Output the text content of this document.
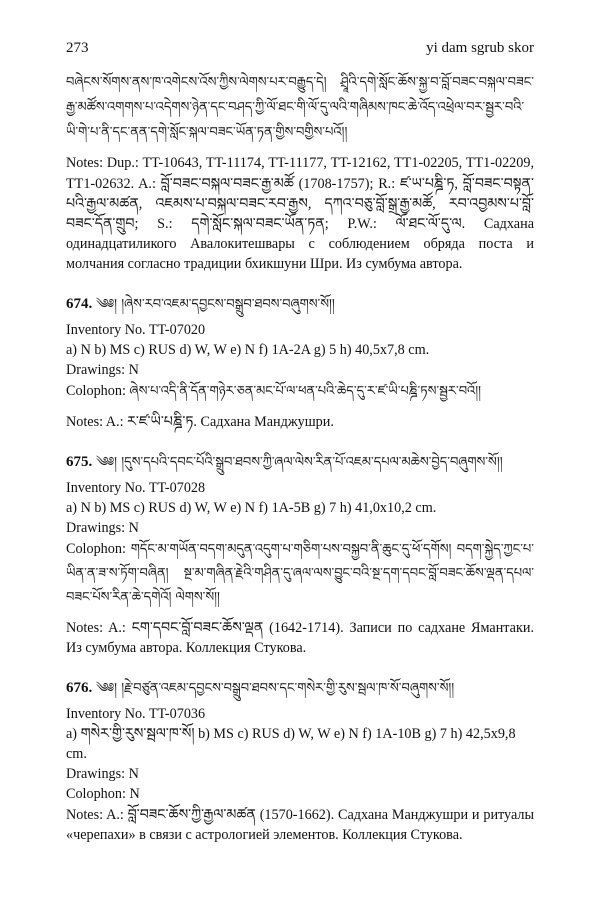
273	yi dam sgrub skor

བཞེངས་སོགས་ནས་ཁ་འགེངས་འོས་ཀྱིས་ལེགས་པར་བརྒྱུད་དེ། ཤྲཱིའི་དགེ་སློང་ཆོས་སྐྱ་བ་བློ་བཟང་བསྐལ་བཟང་རྒྱ་མཚོས་འགགས་པ་འདེགས་ཉེན་དང་བཤད་ཀྱི་ལོ་ཐང་གི་ལོ་དུ་ལའི་གཞིམས་ཁང་ཆེ་འོད་འཕྲེལ་བར་སྦྱར་བའི་ཡི་གེ་པ་ནི་དང་ནན་དགེ་སློང་སྐལ་བཟང་ཡོན་ཏན་གྱིས་བགྱིས་པའོ།།

Notes: Dup.: TT-10643, TT-11174, TT-11177, TT-12162, TT1-02205, TT1-02209, TT1-02632. A.: བློ་བཟང་བསྐལ་བཟང་རྒྱ་མཚོ (1708-1757); R.: ཛ་ཡ་པཎྜི་ཏ, བློ་བཟང་བསྟན་པའི་རྒྱལ་མཚན, འཇམས་པ་བསྐལ་བཟང་རབ་རྒྱས, དཀའ་བཅུ་བློ་སྒྲ་རྒྱ་མཚོ, རབ་འབྱམས་པ་བློ་བཟང་དོན་གྲུབ; S.: དགེ་སློང་སྐལ་བཟང་ཡོན་ཏན; P.W.: ལོ་ཐང་ལོ་དུ་ལ. Садхана одинадцатиликого Авалокитешвары с соблюдением обряда поста и молчания согласно традиции бхикшуни Шри. Из сумбума автора.

674. ༄༅། །ཞེས་རབ་འཇམ་དབྱངས་བསྒྲུབ་ཐབས་བཞུགས་སོ།།

Inventory No. TT-07020

a) N b) MS c) RUS d) W, W e) N f) 1A-2A g) 5 h) 40,5x7,8 cm.

Drawings: N

Colophon: ཞེས་པ་འདི་ནི་དོན་གཉེར་ཅན་མང་པོ་ལ་ཕན་པའི་ཆེད་དུ་ར་ཛ་ཡི་པཎྜི་ཏས་སྦྱར་བའོ།།

Notes: A.: ར་ཛ་ཡི་པཎྜི་ཏ. Садхана Манджушри.

675. ༄༅། །དུས་དཔའི་དབང་པོའི་སྒྲུབ་ཐབས་ཀྱི་ཞལ་ལེས་རིན་པོ་འཇམ་དཔལ་མཆེས་བྱེད་བཞུགས་སོ།།

Inventory No. TT-07028

a) N b) MS c) RUS d) W, W e) N f) 1A-5B g) 7 h) 41,0x10,2 cm.

Drawings: N

Colophon: གདོང་མ་གཡོན་བདག་མདུན་འདུག་པ་གཅིག་པས་བསྐྱབ་ནི་ཆུང་དུ་ཕོ་དགོས། བདག་སྐྱེད་ཀྱང་པ་ཡིན་ན་ཟ་ས་ཏོག་བཞིན། སྔ་མ་གཞིན་རྗེའི་གཤིན་དུ་ཞལ་ལས་བྱུང་བའི་སྔ་དག་དབང་བློ་བཟང་ཆོས་ལྡན་དཔལ་བཟང་པོས་རིན་ཆེ་དགེའོ། ལེགས་སོ།།

Notes: A.: ངག་དབང་བློ་བཟང་ཆོས་ལྡན (1642-1714). Записи по садхане Ямантаки. Из сумбума автора. Коллекция Стукова.

676. ༄༅། །རྗེ་བཙུན་འཇམ་དབྱངས་བསྒྲུབ་ཐབས་དང་གསེར་གྱི་རུས་སྦལ་ཁ་སོ་བཞུགས་སོ།།

Inventory No. TT-07036

a) གསེར་གྱི་རུས་སྦལ་ཁ་སོ། b) MS c) RUS d) W, W e) N f) 1A-10B g) 7 h) 42,5x9,8 cm.

Drawings: N

Colophon: N

Notes: A.: བློ་བཟང་ཆོས་ཀྱི་རྒྱལ་མཚན (1570-1662). Садхана Манджушри и ритуалы «черепахи» в связи с астрологией элементов. Коллекция Стукова.
